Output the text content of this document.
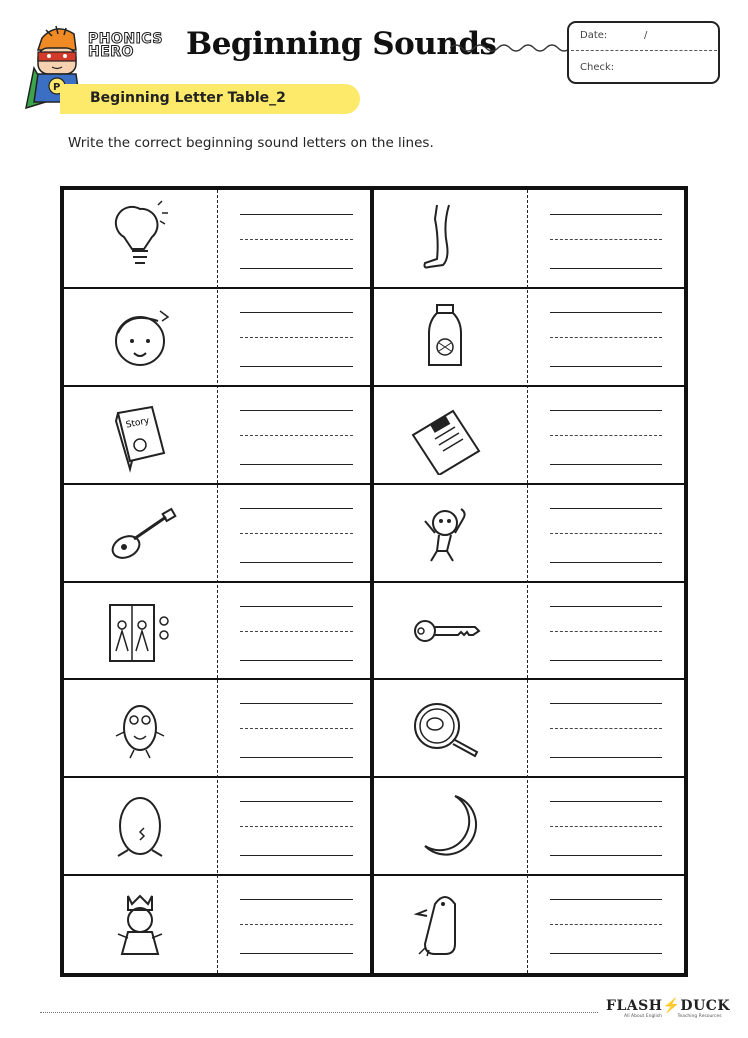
P
PHONICS
HERO	Beginning Sounds	Date:	/
Check:
Beginning Letter Table_2
Write the correct beginning sound letters on the lines.
Story
FLASH⚡DUCK
All About English	Teaching Resources
